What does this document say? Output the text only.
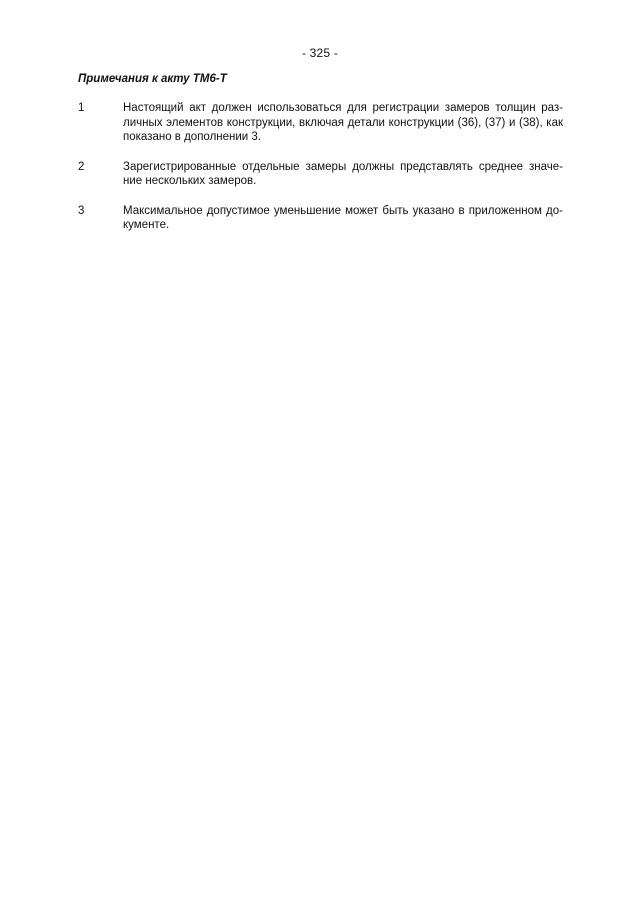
- 325 -
Примечания к акту ТМ6-Т
1	Настоящий акт должен использоваться для регистрации замеров толщин раз-
личных элементов конструкции, включая детали конструкции (36), (37) и (38), как
показано в дополнении 3.
2	Зарегистрированные отдельные замеры должны представлять среднее значе-
ние нескольких замеров.
3	Максимальное допустимое уменьшение может быть указано в приложенном до-
кументе.
